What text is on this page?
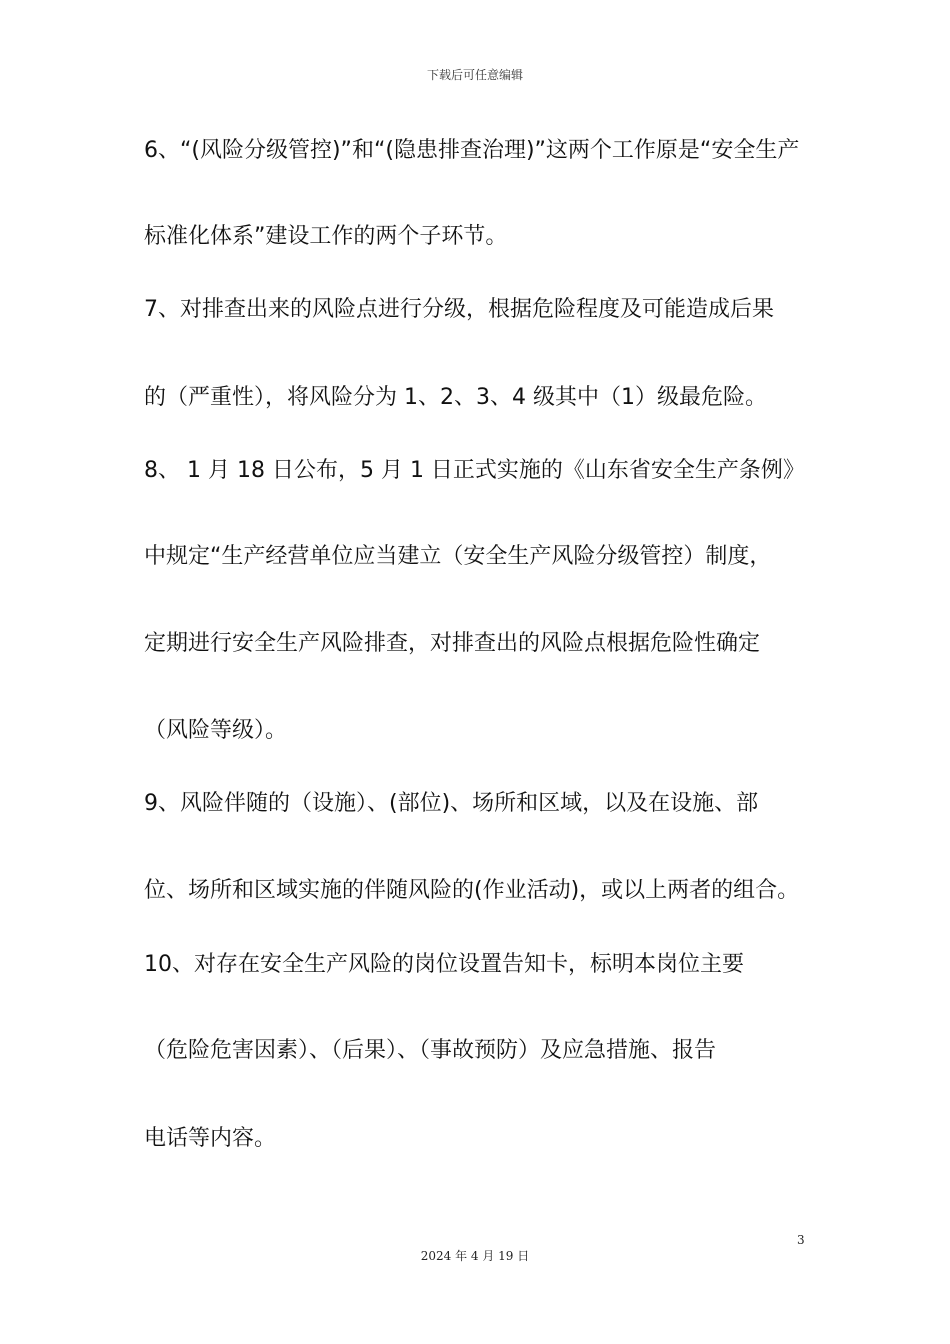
下载后可任意编辑
6、“(风险分级管控)”和“(隐患排查治理)”这两个工作原是“安全生产
标准化体系”建设工作的两个子环节。
7、对排查出来的风险点进行分级，根据危险程度及可能造成后果
的（严重性），将风险分为 1、2、3、4 级其中（1）级最危险。
8、 1 月 18 日公布，5 月 1 日正式实施的《山东省安全生产条例》
中规定“生产经营单位应当建立（安全生产风险分级管控）制度，
定期进行安全生产风险排查，对排查出的风险点根据危险性确定
（风险等级）。
9、风险伴随的（设施）、(部位)、场所和区域，以及在设施、部
位、场所和区域实施的伴随风险的(作业活动)，或以上两者的组合。
10、对存在安全生产风险的岗位设置告知卡，标明本岗位主要
（危险危害因素）、（后果）、（事故预防）及应急措施、报告
电话等内容。
3
2024 年 4 月 19 日
